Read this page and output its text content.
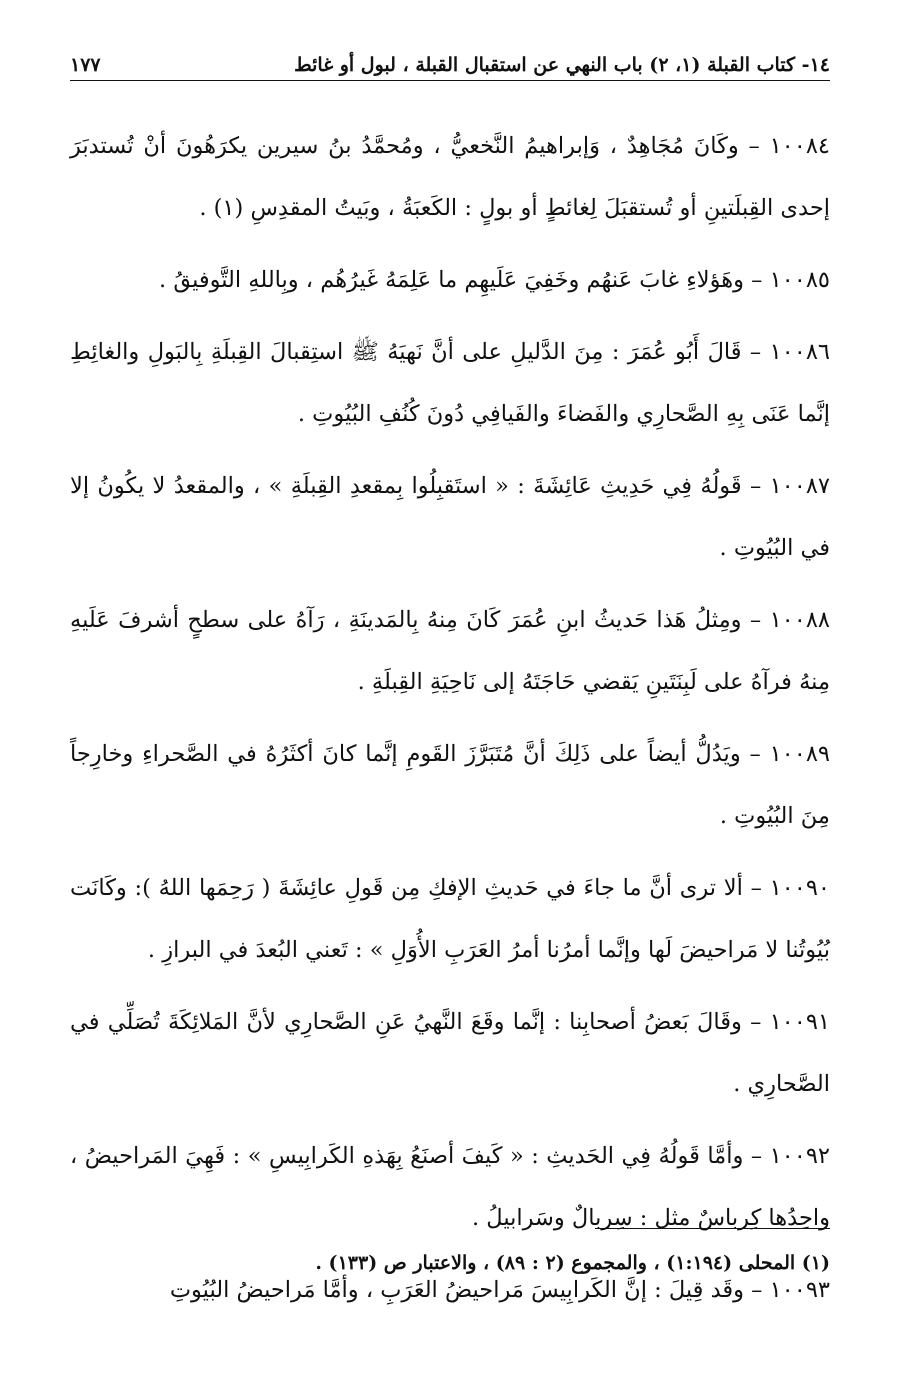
١٤- كتاب القبلة (١، ٢) باب النهي عن استقبال القبلة ، لبول أو غائط
١٧٧

١٠٠٨٤ – وكَانَ مُجَاهِدٌ ، وَإبراهيمُ النَّخعيُّ ، ومُحمَّدُ بنُ سيرين يكرَهُونَ أنْ تُستدبَرَ إحدى القِبلَتينِ أو تُستقبَلَ لِغائطٍ أو بولٍ : الكَعبَةُ ، وبَيتُ المقدِسِ (١) .

١٠٠٨٥ – وهَؤلاءِ غابَ عَنهُم وخَفِيَ عَلَيهِم ما عَلِمَهُ غَيرُهُم ، وبِاللهِ التَّوفيقُ .

١٠٠٨٦ – قَالَ أَبُو عُمَرَ : مِنَ الدَّليلِ على أنَّ نَهيَهُ ﷺ استِقبالَ القِبلَةِ بِالبَولِ والغائِطِ إنَّما عَنَى بِهِ الصَّحارِي والفَضاءَ والفَيافِي دُونَ كُنُفِ البُيُوتِ .

١٠٠٨٧ – قَولُهُ فِي حَدِيثِ عَائِشَةَ : « استَقبِلُوا بِمقعدِ القِبلَةِ » ، والمقعدُ لا يكُونُ إلا في البُيُوتِ .

١٠٠٨٨ – ومِثلُ هَذا حَديثُ ابنِ عُمَرَ كَانَ مِنهُ بِالمَدينَةِ ، رَآهُ على سطحٍ أشرفَ عَلَيهِ مِنهُ فرآهُ على لَبِنَتَينِ يَقضي حَاجَتَهُ إلى نَاحِيَةِ القِبلَةِ .

١٠٠٨٩ – ويَدُلُّ أيضاً على ذَلِكَ أنَّ مُتَبَرَّزَ القَومِ إنَّما كانَ أكثَرُهُ في الصَّحراءِ وخارِجاً مِنَ البُيُوتِ .

١٠٠٩٠ – ألا ترى أنَّ ما جاءَ في حَديثِ الإفكِ مِن قَولِ عائِشَةَ ( رَحِمَها اللهُ ): وكَانَت بُيُوتُنا لا مَراحيضَ لَها وإنَّما أمرُنا أمرُ العَرَبِ الأُوَلِ » : تَعني البُعدَ في البرازِ .

١٠٠٩١ – وقَالَ بَعضُ أصحابِنا : إنَّما وقَعَ النَّهيُ عَنِ الصَّحارِي لأنَّ المَلائِكَةَ تُصَلِّي في الصَّحارِي .

١٠٠٩٢ – وأمَّا قَولُهُ فِي الحَديثِ : « كَيفَ أصنَعُ بِهَذهِ الكَرابِيسِ » : فَهِيَ المَراحيضُ ، واحِدُها كِرباسٌ مثل : سِربالٌ وسَرابيلُ .

١٠٠٩٣ – وقَد قِيلَ : إنَّ الكَرابِيسَ مَراحيضُ العَرَبِ ، وأمَّا مَراحيضُ البُيُوتِ

(١) المحلى (١:١٩٤) ، والمجموع (٢ : ٨٩) ، والاعتبار ص (١٣٣) .
